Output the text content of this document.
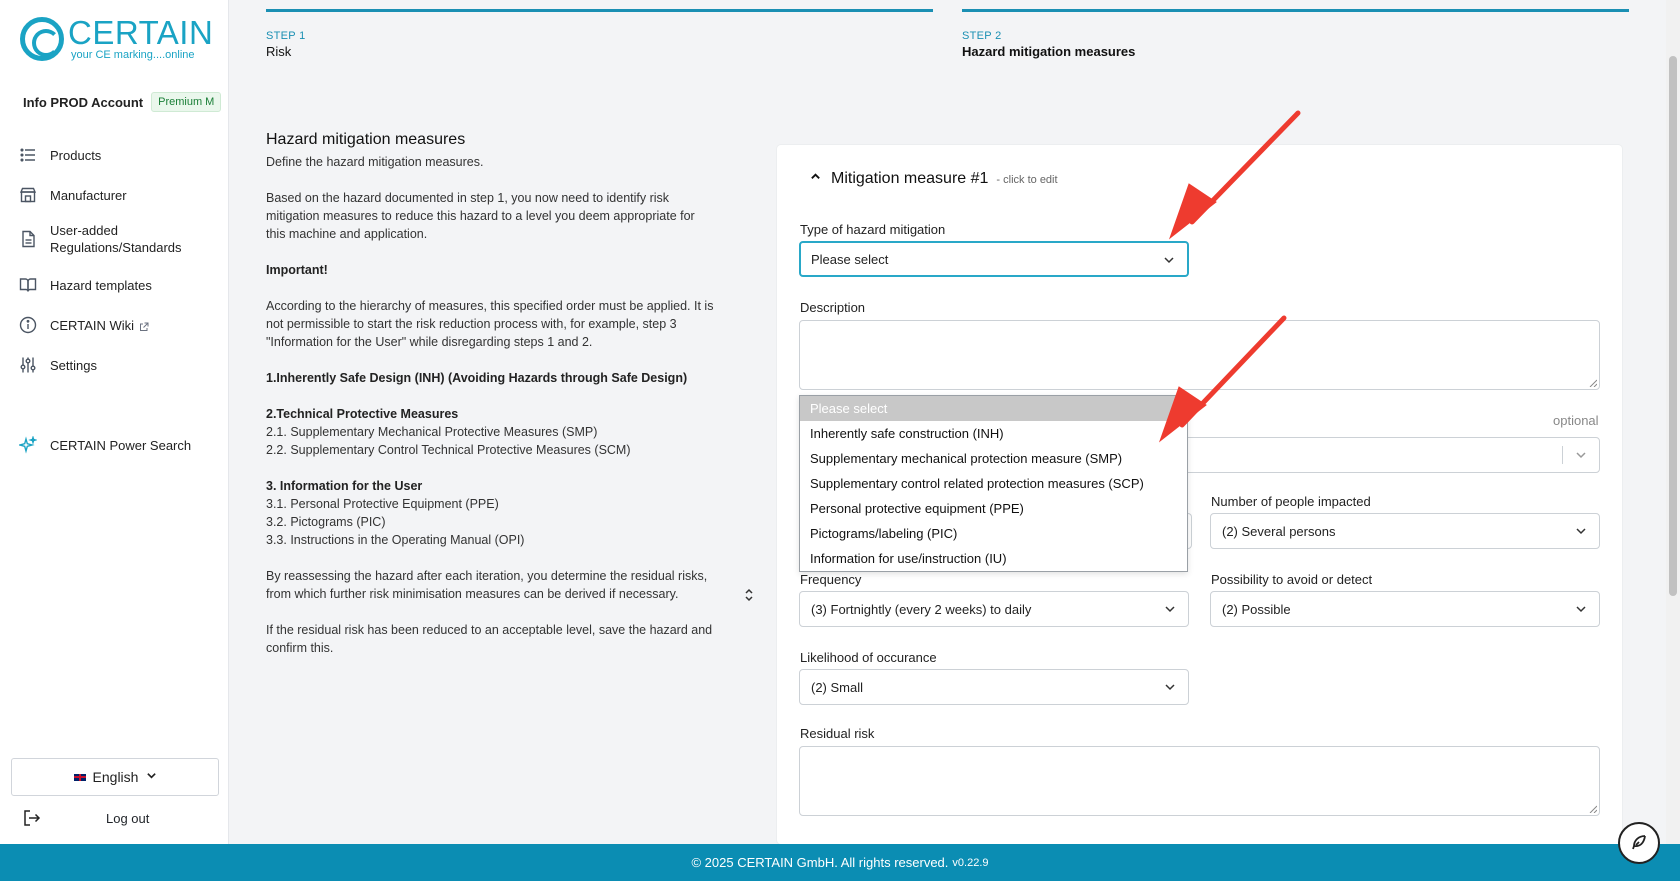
CERTAIN
your CE marking....online
Info PROD Account	Premium M
Products
Manufacturer
User-added Regulations/Standards
Hazard templates
CERTAIN Wiki
Settings
CERTAIN Power Search
English
Log out
STEP 1
Risk
STEP 2
Hazard mitigation measures
Hazard mitigation measures

Define the hazard mitigation measures.

Based on the hazard documented in step 1, you now need to identify risk mitigation measures to reduce this hazard to a level you deem appropriate for this machine and application.

Important!

According to the hierarchy of measures, this specified order must be applied. It is not permissible to start the risk reduction process with, for example, step 3 "Information for the User" while disregarding steps 1 and 2.

1.Inherently Safe Design (INH) (Avoiding Hazards through Safe Design)

2.Technical Protective Measures
2.1. Supplementary Mechanical Protective Measures (SMP)
2.2. Supplementary Control Technical Protective Measures (SCM)

3. Information for the User
3.1. Personal Protective Equipment (PPE)
3.2. Pictograms (PIC)
3.3. Instructions in the Operating Manual (OPI)

By reassessing the hazard after each iteration, you determine the residual risks, from which further risk minimisation measures can be derived if necessary.

If the residual risk has been reduced to an acceptable level, save the hazard and confirm this.

Mitigation measure #1 - click to edit
Type of hazard mitigation
Please select
Description
optional
Number of people impacted
(2) Several persons
Frequency
(3) Fortnightly (every 2 weeks) to daily
Possibility to avoid or detect
(2) Possible
Likelihood of occurance
(2) Small
Residual risk
Please select
Inherently safe construction (INH)
Supplementary mechanical protection measure (SMP)
Supplementary control related protection measures (SCP)
Personal protective equipment (PPE)
Pictograms/labeling (PIC)
Information for use/instruction (IU)
© 2025 CERTAIN GmbH. All rights reserved. v0.22.9
